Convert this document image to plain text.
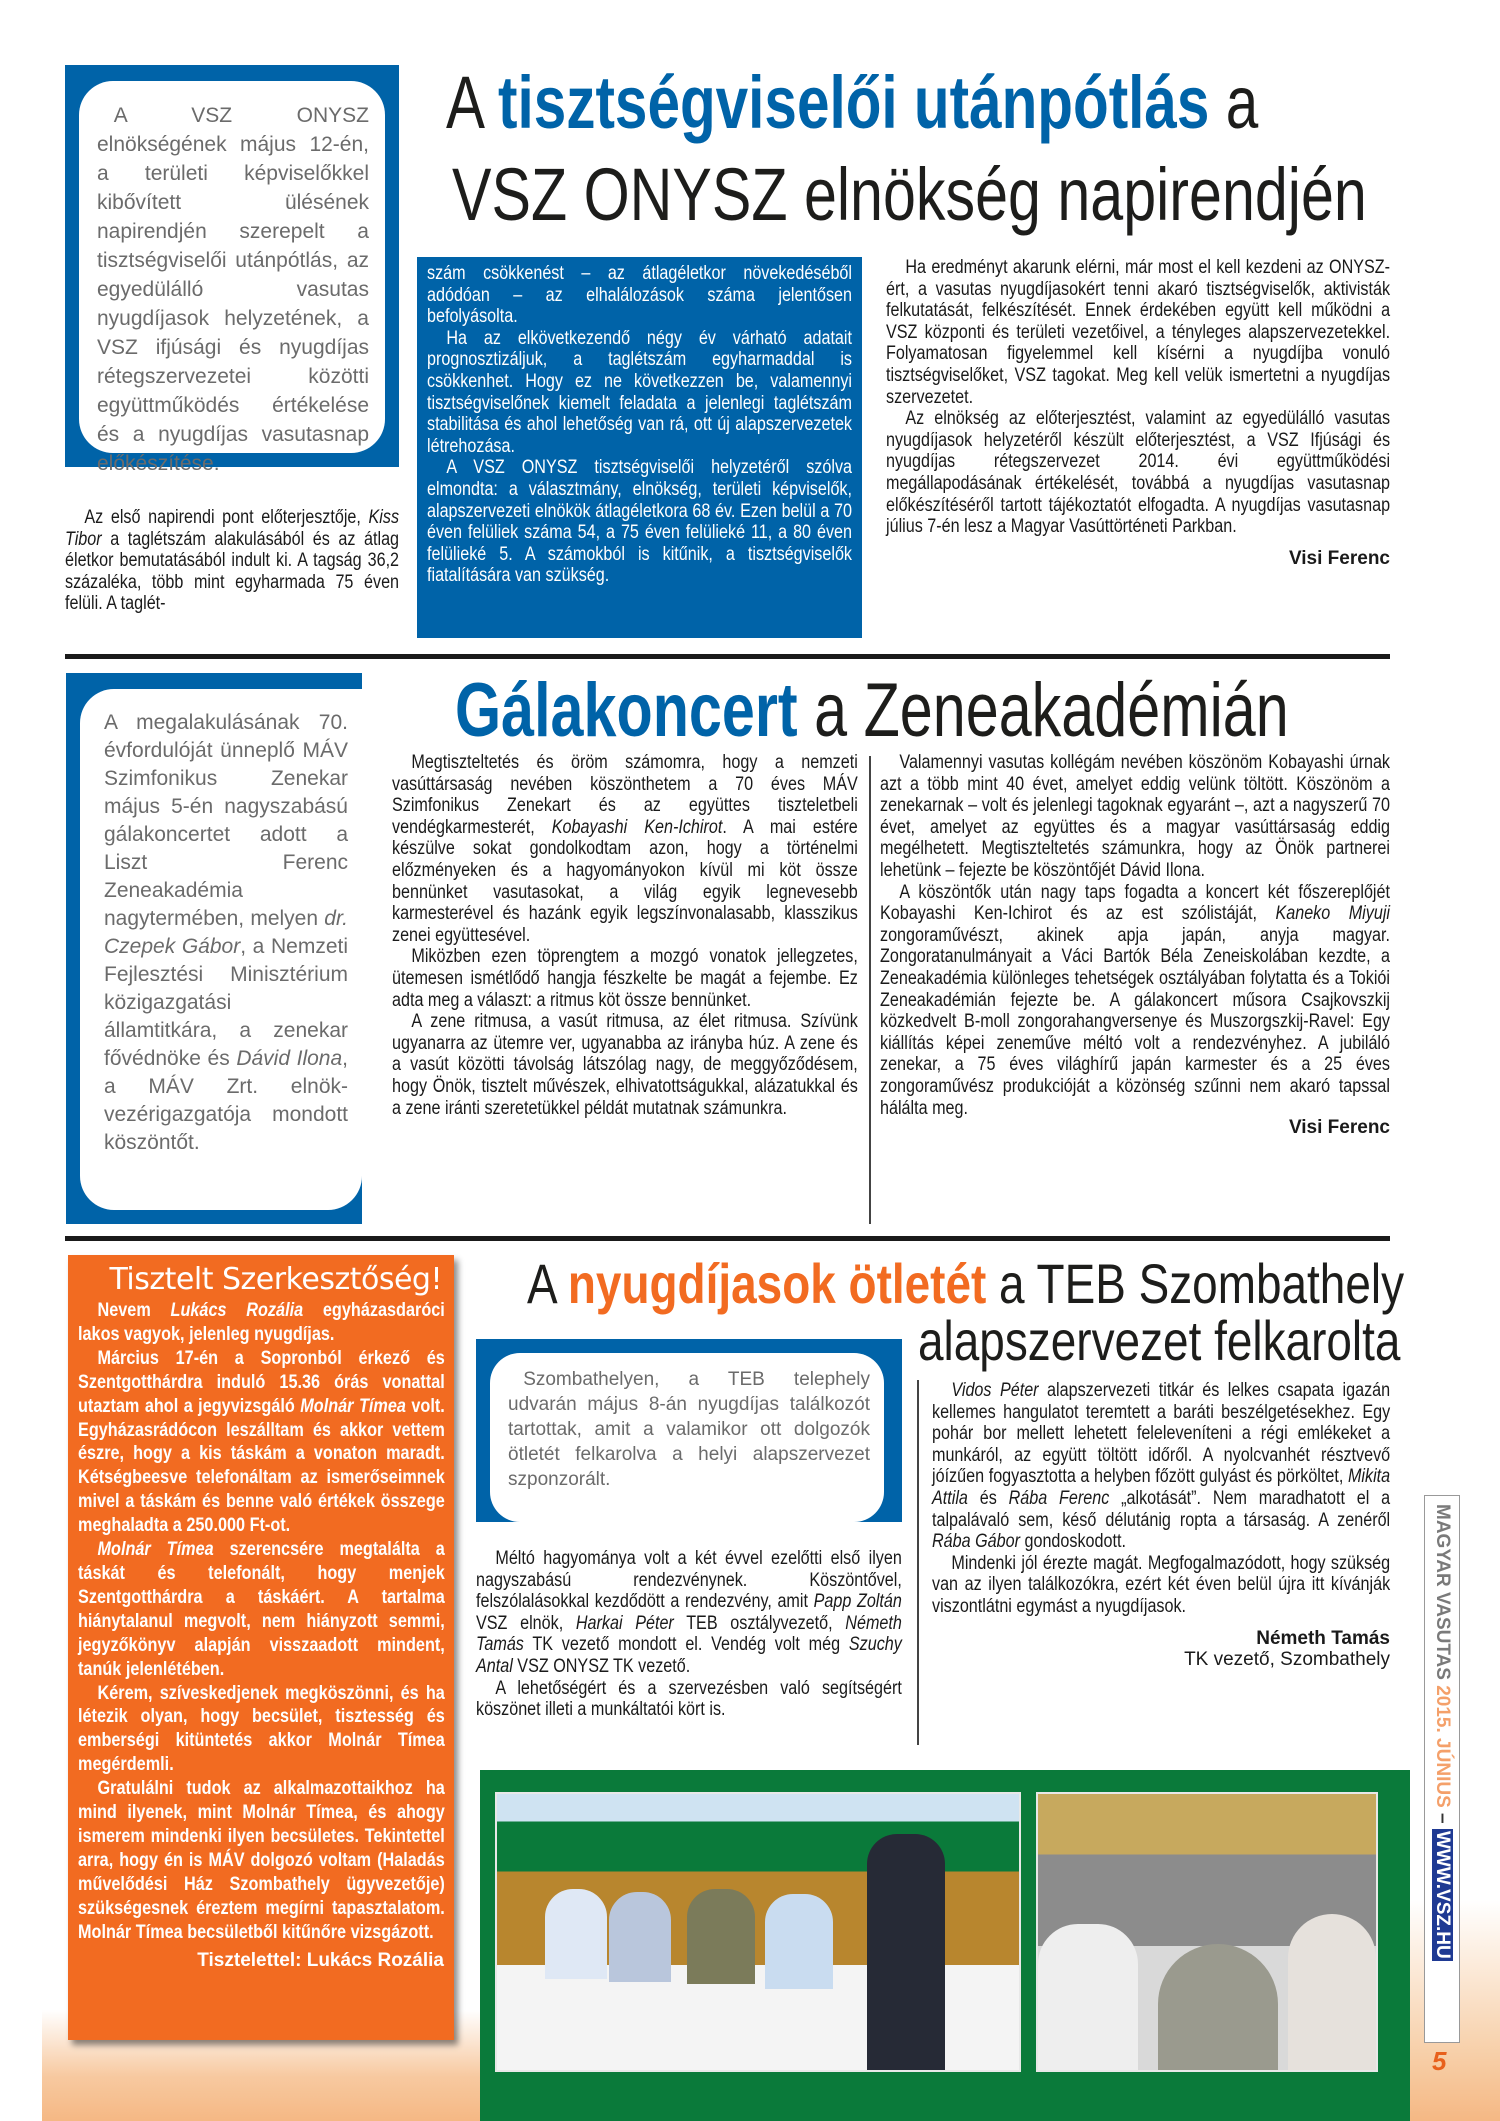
A VSZ ONYSZ elnökségének május 12-én, a területi képviselőkkel kibővített ülésének napirendjén szerepelt a tisztségviselői utánpótlás, az egyedülálló vasutas nyugdíjasok helyzetének, a VSZ ifjúsági és nyugdíjas rétegszervezetei közötti együttműködés értékelése és a nyugdíjas vasutasnap előkészítése.

Az első napirendi pont előterjesztője, Kiss Tibor a taglétszám alakulásából és az átlag életkor bemutatásából indult ki. A tagság 36,2 százaléka, több mint egyharmada 75 éven felüli. A taglét-

A tisztségviselői utánpótlás a
VSZ ONYSZ elnökség napirendjén

szám csökkenést – az átlagéletkor növekedéséből adódóan – az elhalálozások száma jelentősen befolyásolta.

Ha az elkövetkezendő négy év várható adatait prognosztizáljuk, a taglétszám egyharmaddal is csökkenhet. Hogy ez ne következzen be, valamennyi tisztségviselőnek kiemelt feladata a jelenlegi taglétszám stabilitása és ahol lehetőség van rá, ott új alapszervezetek létrehozása.

A VSZ ONYSZ tisztségviselői helyzetéről szólva elmondta: a választmány, elnökség, területi képviselők, alapszervezeti elnökök átlagéletkora 68 év. Ezen belül a 70 éven felüliek száma 54, a 75 éven felülieké 11, a 80 éven felülieké 5. A számokból is kitűnik, a tisztségviselők fiatalítására van szükség.

Ha eredményt akarunk elérni, már most el kell kezdeni az ONYSZ-ért, a vasutas nyugdíjasokért tenni akaró tisztségviselők, aktivisták felkutatását, felkészítését. Ennek érdekében együtt kell működni a VSZ központi és területi vezetőivel, a tényleges alapszervezetekkel. Folyamatosan figyelemmel kell kísérni a nyugdíjba vonuló tisztségviselőket, VSZ tagokat. Meg kell velük ismertetni a nyugdíjas szervezetet.

Az elnökség az előterjesztést, valamint az egyedülálló vasutas nyugdíjasok helyzetéről készült előterjesztést, a VSZ Ifjúsági és nyugdíjas rétegszervezet 2014. évi együttműködési megállapodásának értékelését, továbbá a nyugdíjas vasutasnap előkészítéséről tartott tájékoztatót elfogadta. A nyugdíjas vasutasnap július 7-én lesz a Magyar Vasúttörténeti Parkban.

Visi Ferenc
A megalakulásának 70. évfordulóját ünneplő MÁV Szimfonikus Zenekar május 5-én nagyszabású gálakoncertet adott a Liszt Ferenc Zeneakadémia nagytermében, melyen dr. Czepek Gábor, a Nemzeti Fejlesztési Minisztérium közigazgatási államtitkára, a zenekar fővédnöke és Dávid Ilona, a MÁV Zrt. elnök-vezérigazgatója mondott köszöntőt.
Gálakoncert a Zeneakadémián

Megtiszteltetés és öröm számomra, hogy a nemzeti vasúttársaság nevében köszönthetem a 70 éves MÁV Szimfonikus Zenekart és az együttes tiszteletbeli vendégkarmesterét, Kobayashi Ken-Ichirot. A mai estére készülve sokat gondolkodtam azon, hogy a történelmi előzményeken és a hagyományokon kívül mi köt össze bennünket vasutasokat, a világ egyik legnevesebb karmesterével és hazánk egyik legszínvonalasabb, klasszikus zenei együttesével.

Miközben ezen töprengtem a mozgó vonatok jellegzetes, ütemesen ismétlődő hangja fészkelte be magát a fejembe. Ez adta meg a választ: a ritmus köt össze bennünket.

A zene ritmusa, a vasút ritmusa, az élet ritmusa. Szívünk ugyanarra az ütemre ver, ugyanabba az irányba húz. A zene és a vasút közötti távolság látszólag nagy, de meggyőződésem, hogy Önök, tisztelt művészek, elhivatottságukkal, alázatukkal és a zene iránti szeretetükkel példát mutatnak számunkra.

Valamennyi vasutas kollégám nevében köszönöm Kobayashi úrnak azt a több mint 40 évet, amelyet eddig velünk töltött. Köszönöm a zenekarnak – volt és jelenlegi tagoknak egyaránt –, azt a nagyszerű 70 évet, amelyet az együttes és a magyar vasúttársaság eddig megélhetett. Megtiszteltetés számunkra, hogy az Önök partnerei lehetünk – fejezte be köszöntőjét Dávid Ilona.

A köszöntők után nagy taps fogadta a koncert két főszereplőjét Kobayashi Ken-Ichirot és az est szólistáját, Kaneko Miyuji zongoraművészt, akinek apja japán, anyja magyar. Zongoratanulmányait a Váci Bartók Béla Zeneiskolában kezdte, a Zeneakadémia különleges tehetségek osztályában folytatta és a Tokiói Zeneakadémián fejezte be. A gálakoncert műsora Csajkovszkij közkedvelt B-moll zongorahangversenye és Muszorgszkij-Ravel: Egy kiállítás képei zeneműve méltó volt a rendezvényhez. A jubiláló zenekar, a 75 éves világhírű japán karmester és a 25 éves zongoraművész produkcióját a közönség szűnni nem akaró tapssal hálálta meg.

Visi Ferenc
Tisztelt Szerkesztőség!

Nevem Lukács Rozália egyházasdaróci lakos vagyok, jelenleg nyugdíjas.

Március 17-én a Sopronból érkező és Szentgotthárdra induló 15.36 órás vonattal utaztam ahol a jegyvizsgáló Molnár Tímea volt. Egyházasrádócon leszálltam és akkor vettem észre, hogy a kis táskám a vonaton maradt. Kétségbeesve telefonáltam az ismerőseimnek mivel a táskám és benne való értékek összege meghaladta a 250.000 Ft-ot.

Molnár Tímea szerencsére megtalálta a táskát és telefonált, hogy menjek Szentgotthárdra a táskáért. A tartalma hiánytalanul megvolt, nem hiányzott semmi, jegyzőkönyv alapján visszaadott mindent, tanúk jelenlétében.

Kérem, szíveskedjenek megköszönni, és ha létezik olyan, hogy becsület, tisztesség és emberségi kitüntetés akkor Molnár Tímea megérdemli.

Gratulálni tudok az alkalmazottaikhoz ha mind ilyenek, mint Molnár Tímea, és ahogy ismerem mindenki ilyen becsületes. Tekintettel arra, hogy én is MÁV dolgozó voltam (Haladás művelődési Ház Szombathely ügyvezetője) szükségesnek éreztem megírni tapasztalatom. Molnár Tímea becsületből kitűnőre vizsgázott.

Tisztelettel: Lukács Rozália
A nyugdíjasok ötletét a TEB Szombathely
alapszervezet felkarolta
Szombathelyen, a TEB telephely udvarán május 8-án nyugdíjas találkozót tartottak, amit a valamikor ott dolgozók ötletét felkarolva a helyi alapszervezet szponzorált.

Méltó hagyománya volt a két évvel ezelőtti első ilyen nagyszabású rendezvénynek. Köszöntővel, felszólalásokkal kezdődött a rendezvény, amit Papp Zoltán VSZ elnök, Harkai Péter TEB osztályvezető, Németh Tamás TK vezető mondott el. Vendég volt még Szuchy Antal VSZ ONYSZ TK vezető.

A lehetőségért és a szervezésben való segítségért köszönet illeti a munkáltatói kört is.

Vidos Péter alapszervezeti titkár és lelkes csapata igazán kellemes hangulatot teremtett a baráti beszélgetésekhez. Egy pohár bor mellett lehetett feleleveníteni a régi emlékeket a munkáról, az együtt töltött időről. A nyolcvanhét résztvevő jóízűen fogyasztotta a helyben főzött gulyást és pörköltet, Mikita Attila és Rába Ferenc „alkotását”. Nem maradhatott el a talpalávaló sem, késő délutánig ropta a társaság. A zenéről Rába Gábor gondoskodott.

Mindenki jól érezte magát. Megfogalmazódott, hogy szükség van az ilyen találkozókra, ezért két éven belül újra itt kívánják viszontlátni egymást a nyugdíjasok.

Németh Tamás
TK vezető, Szombathely	MAGYAR VASUTAS 2015. JÚNIUS – WWW.VSZ.HU
5
